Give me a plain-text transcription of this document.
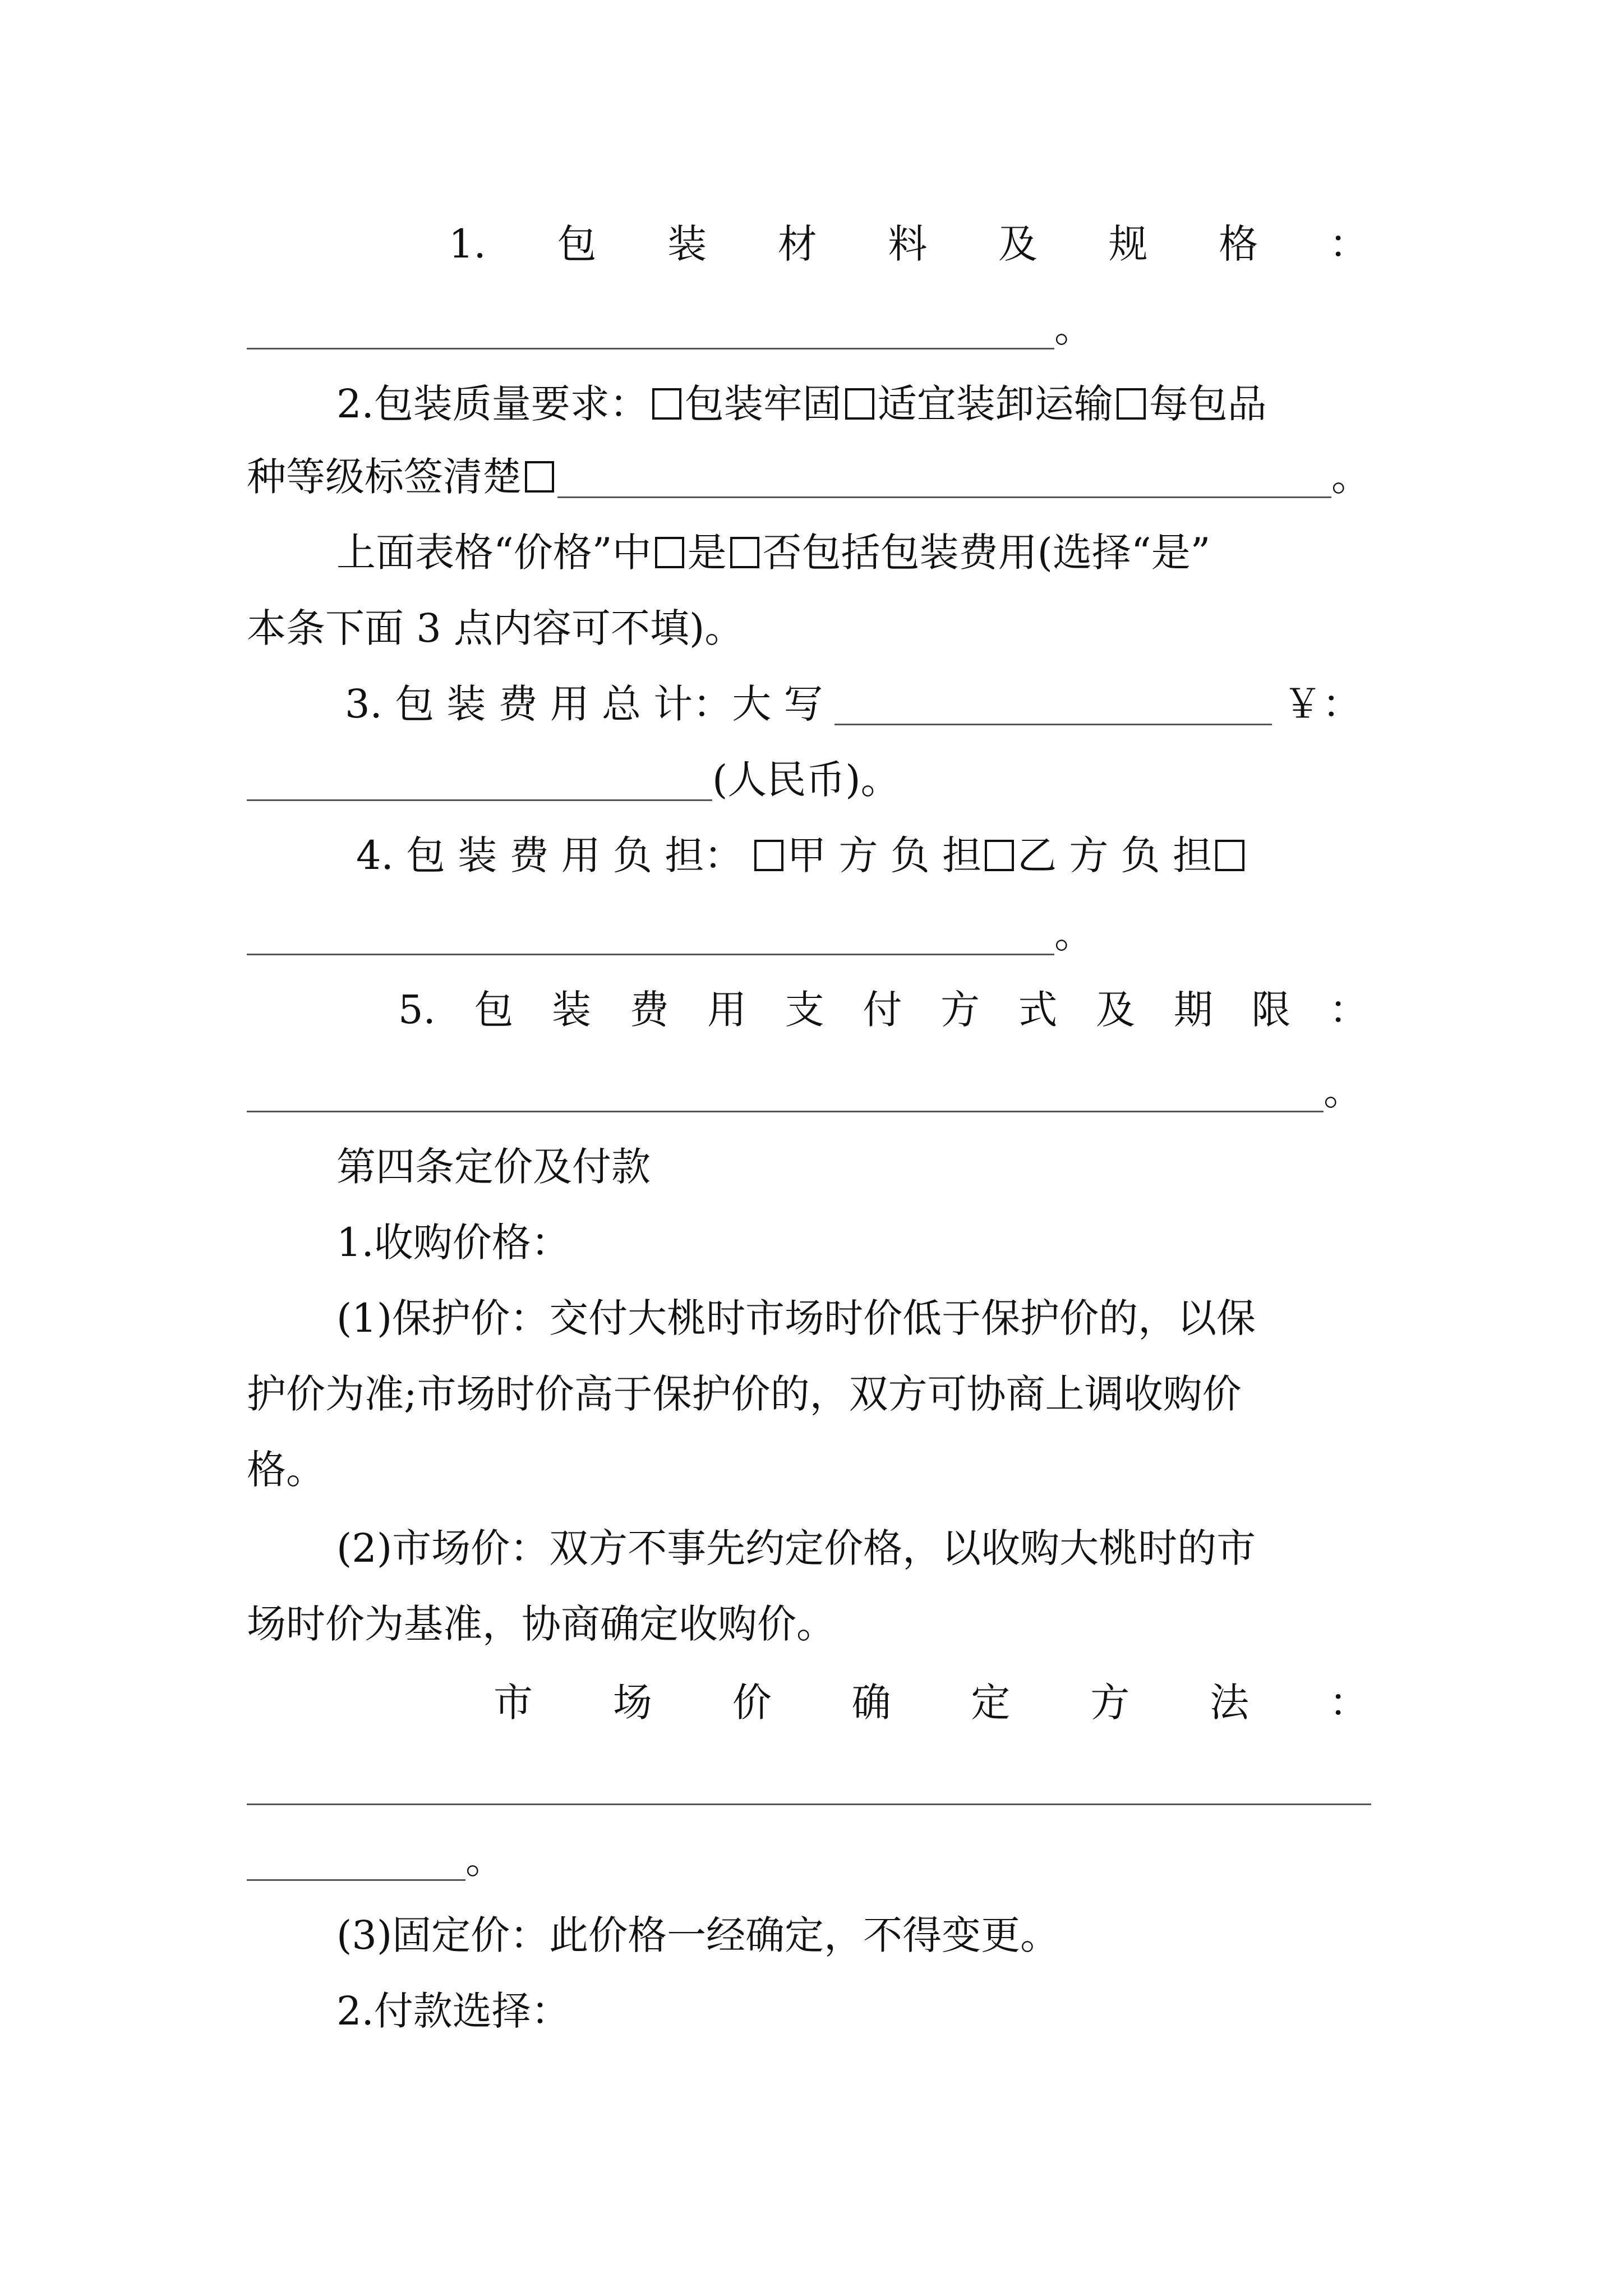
1. 包 装 材 料 及 规 格 ：
。
2.包装质量要求： 包装牢固 适宜装卸运输 每包品
种等级标签清楚	。
上面表格“价格”中 是 否包括包装费用(选择“是”
本条下面 3 点内容可不填)。
3. 包 装 费 用 总 计：大 写	￥：
(人民币)。
4. 包 装 费 用 负 担： 甲 方 负 担 乙 方 负 担
。
5. 包 装 费 用 支 付 方 式 及 期 限 ：
。
第四条定价及付款
1.收购价格：
(1)保护价：交付大桃时市场时价低于保护价的，以保
护价为准;市场时价高于保护价的，双方可协商上调收购价
格。
(2)市场价：双方不事先约定价格，以收购大桃时的市
场时价为基准，协商确定收购价。
市 场 价 确 定 方 法 ：
。
(3)固定价：此价格一经确定，不得变更。
2.付款选择：
